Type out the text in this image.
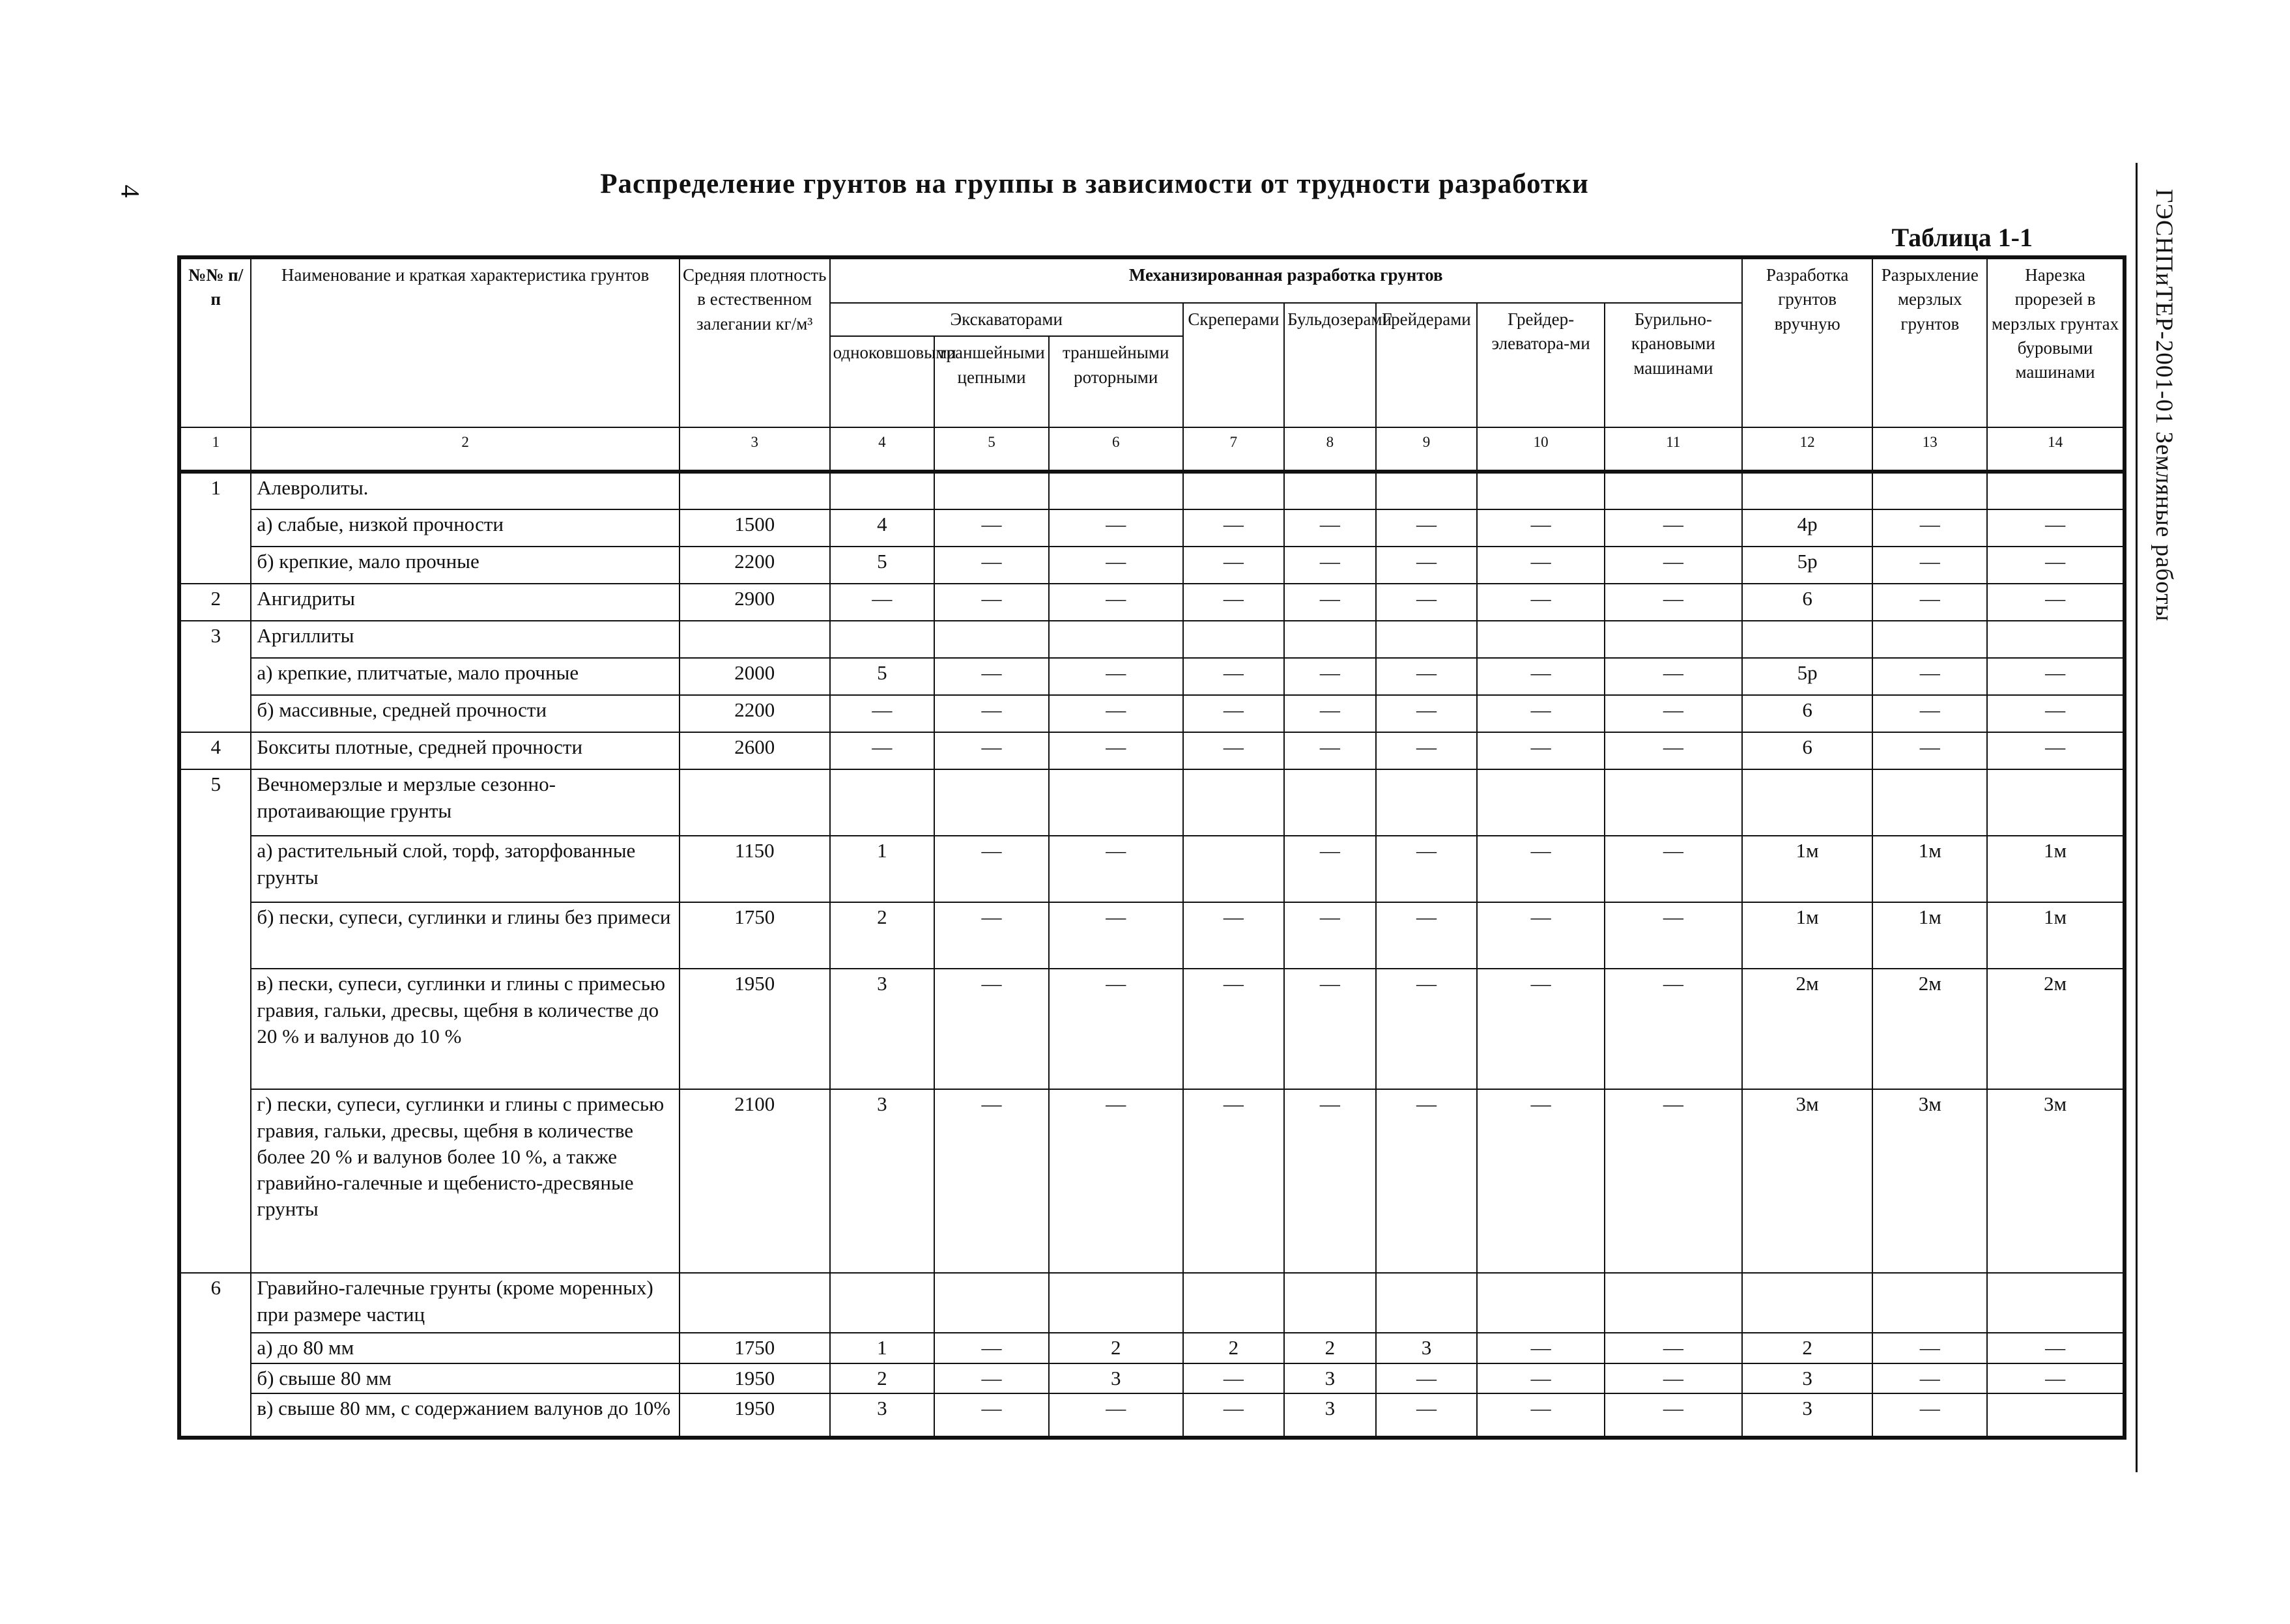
4	Распределение грунтов на группы в зависимости от трудности разработки
Таблица 1-1	ГЭСНПиТЕР-2001-01 Земляные работы
№№ п/п	Наименование и краткая характеристика грунтов	Средняя плотность в естественном залегании кг/м³	Механизированная разработка грунтов								Разработка грунтов вручную	Разрыхление мерзлых грунтов	Нарезка прорезей в мерзлых грунтах буровыми машинами
			Экскаваторами			Скреперами	Бульдозерами	Грейдерами	Грейдер-элеватора-ми	Бурильно-крановыми машинами			
			одноковшовыми	траншейными цепными	траншейными роторными								
1	2	3	4	5	6	7	8	9	10	11	12	13	14
1	Алевролиты.												
	а) слабые, низкой прочности	1500	4	—	—	—	—	—	—	—	4р	—	—
	б) крепкие, мало прочные	2200	5	—	—	—	—	—	—	—	5р	—	—
2	Ангидриты	2900	—	—	—	—	—	—	—	—	6	—	—
3	Аргиллиты												
	а) крепкие, плитчатые, мало прочные	2000	5	—	—	—	—	—	—	—	5р	—	—
	б) массивные, средней прочности	2200	—	—	—	—	—	—	—	—	6	—	—
4	Бокситы плотные, средней прочности	2600	—	—	—	—	—	—	—	—	6	—	—
5	Вечномерзлые и мерзлые сезонно-протаивающие грунты												
	а) растительный слой, торф, заторфованные грунты	1150	1	—	—		—	—	—	—	1м	1м	1м
	б) пески, супеси, суглинки и глины без примеси	1750	2	—	—	—	—	—	—	—	1м	1м	1м
	в) пески, супеси, суглинки и глины с примесью гравия, гальки, дресвы, щебня в количестве до 20 % и валунов до 10 %	1950	3	—	—	—	—	—	—	—	2м	2м	2м
	г) пески, супеси, суглинки и глины с примесью гравия, гальки, дресвы, щебня в количестве более 20 % и валунов более 10 %, а также гравийно-галечные и щебенисто-дресвяные грунты	2100	3	—	—	—	—	—	—	—	3м	3м	3м
6	Гравийно-галечные грунты (кроме моренных) при размере частиц												
	а) до 80 мм	1750	1	—	2	2	2	3	—	—	2	—	—
	б) свыше 80 мм	1950	2	—	3	—	3	—	—	—	3	—	—
	в) свыше 80 мм, с содержанием валунов до 10%	1950	3	—	—	—	3	—	—	—	3	—	
